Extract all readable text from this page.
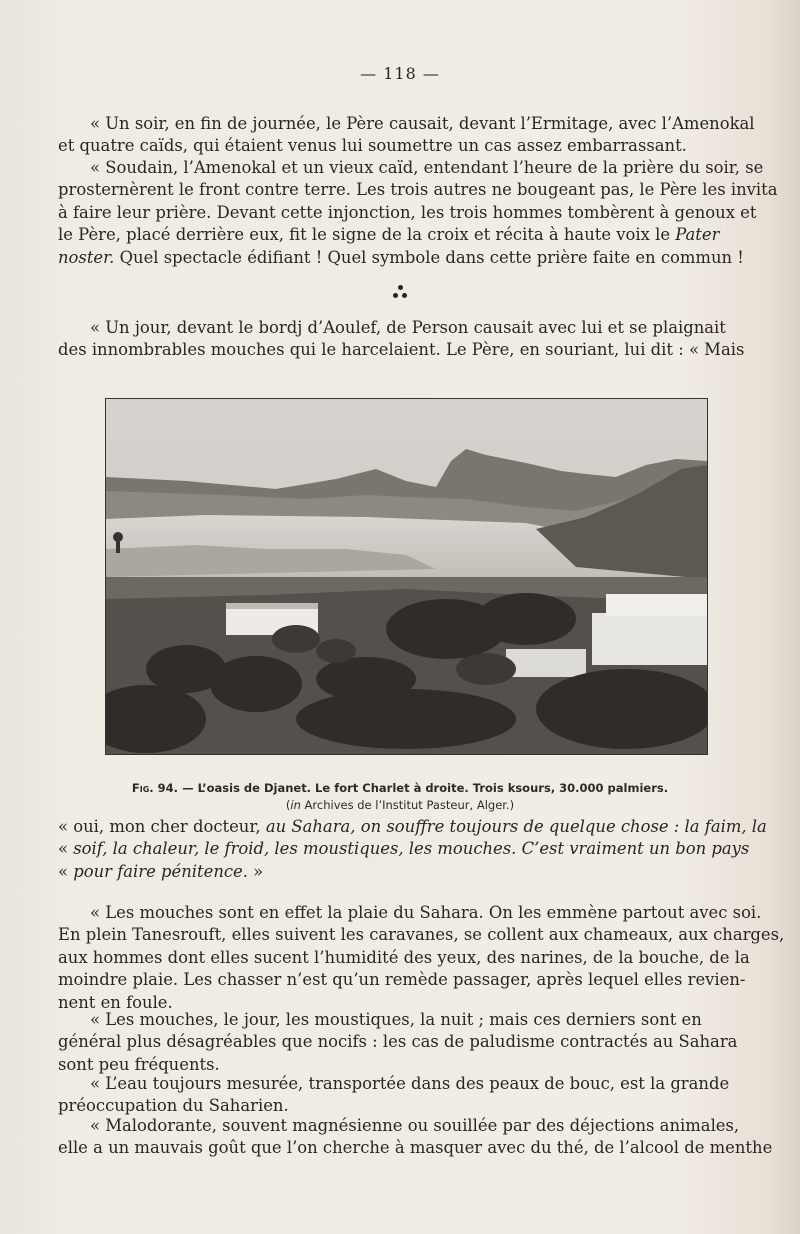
— 118 —

« Un soir, en fin de journée, le Père causait, devant l’Ermitage, avec l’Amenokal
et quatre caïds, qui étaient venus lui soumettre un cas assez embarrassant.

« Soudain, l’Amenokal et un vieux caïd, entendant l’heure de la prière du soir, se
prosternèrent le front contre terre. Les trois autres ne bougeant pas, le Père les invita
à faire leur prière. Devant cette injonction, les trois hommes tombèrent à genoux et
le Père, placé derrière eux, fit le signe de la croix et récita à haute voix le Pater
noster. Quel spectacle édifiant ! Quel symbole dans cette prière faite en commun !

« Un jour, devant le bordj d’Aoulef, de Person causait avec lui et se plaignait
des innombrables mouches qui le harcelaient. Le Père, en souriant, lui dit : « Mais

Fig. 94. — L’oasis de Djanet. Le fort Charlet à droite. Trois ksours, 30.000 palmiers.
(in Archives de l’Institut Pasteur, Alger.)

« oui, mon cher docteur, au Sahara, on souffre toujours de quelque chose : la faim, la
« soif, la chaleur, le froid, les moustiques, les mouches. C’est vraiment un bon pays
« pour faire pénitence. »

« Les mouches sont en effet la plaie du Sahara. On les emmène partout avec soi.
En plein Tanesrouft, elles suivent les caravanes, se collent aux chameaux, aux charges,
aux hommes dont elles sucent l’humidité des yeux, des narines, de la bouche, de la
moindre plaie. Les chasser n’est qu’un remède passager, après lequel elles revien-
nent en foule.

« Les mouches, le jour, les moustiques, la nuit ; mais ces derniers sont en
général plus désagréables que nocifs : les cas de paludisme contractés au Sahara
sont peu fréquents.

« L’eau toujours mesurée, transportée dans des peaux de bouc, est la grande
préoccupation du Saharien.

« Malodorante, souvent magnésienne ou souillée par des déjections animales,
elle a un mauvais goût que l’on cherche à masquer avec du thé, de l’alcool de menthe
